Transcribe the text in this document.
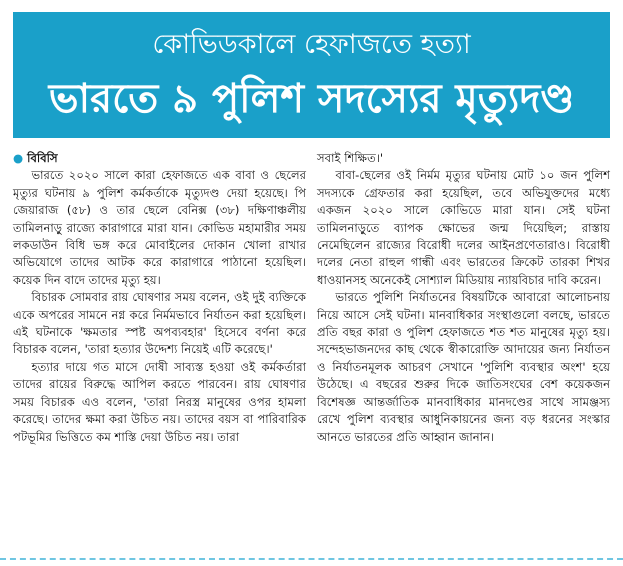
কোভিডকালে হেফাজতে হত্যা
ভারতে ৯ পুলিশ সদস্যের মৃত্যুদণ্ড
● বিবিসি

ভারতে ২০২০ সালে কারা হেফাজতে এক বাবা ও ছেলের মৃত্যুর ঘটনায় ৯ পুলিশ কর্মকর্তাকে মৃত্যুদণ্ড দেয়া হয়েছে। পি জেয়ারাজ (৫৮) ও তার ছেলে বেনিক্স (৩৮) দক্ষিণাঞ্চলীয় তামিলনাড়ু রাজ্যে কারাগারে মারা যান। কোভিড মহামারীর সময় লকডাউন বিধি ভঙ্গ করে মোবাইলের দোকান খোলা রাখার অভিযোগে তাদের আটক করে কারাগারে পাঠানো হয়েছিল। কয়েক দিন বাদে তাদের মৃত্যু হয়।

বিচারক সোমবার রায় ঘোষণার সময় বলেন, ওই দুই ব্যক্তিকে একে অপরের সামনে নগ্ন করে নির্মমভাবে নির্যাতন করা হয়েছিল। এই ঘটনাকে 'ক্ষমতার স্পষ্ট অপব্যবহার' হিসেবে বর্ণনা করে বিচারক বলেন, 'তারা হত্যার উদ্দেশ্য নিয়েই এটি করেছে।'

হত্যার দায়ে গত মাসে দোষী সাব্যস্ত হওয়া ওই কর্মকর্তারা তাদের রায়ের বিরুদ্ধে আপিল করতে পারবেন। রায় ঘোষণার সময় বিচারক এও বলেন, 'তারা নিরস্ত্র মানুষের ওপর হামলা করেছে। তাদের ক্ষমা করা উচিত নয়। তাদের বয়স বা পারিবারিক পটভূমির ভিত্তিতে কম শাস্তি দেয়া উচিত নয়। তারা

সবাই শিক্ষিত।'

বাবা-ছেলের ওই নির্মম মৃত্যুর ঘটনায় মোট ১০ জন পুলিশ সদস্যকে গ্রেফতার করা হয়েছিল, তবে অভিযুক্তদের মধ্যে একজন ২০২০ সালে কোভিডে মারা যান। সেই ঘটনা তামিলনাড়ুতে ব্যাপক ক্ষোভের জন্ম দিয়েছিল; রাস্তায় নেমেছিলেন রাজ্যের বিরোধী দলের আইনপ্রণেতারাও। বিরোধী দলের নেতা রাহুল গান্ধী এবং ভারতের ক্রিকেট তারকা শিখর ধাওয়ানসহ অনেকেই সোশ্যাল মিডিয়ায় ন্যায়বিচার দাবি করেন।

ভারতে পুলিশি নির্যাতনের বিষয়টিকে আবারো আলোচনায় নিয়ে আসে সেই ঘটনা। মানবাধিকার সংস্থাগুলো বলছে, ভারতে প্রতি বছর কারা ও পুলিশ হেফাজতে শত শত মানুষের মৃত্যু হয়। সন্দেহভাজনদের কাছ থেকে স্বীকারোক্তি আদায়ের জন্য নির্যাতন ও নির্যাতনমূলক আচরণ সেখানে 'পুলিশি ব্যবস্থার অংশ' হয়ে উঠেছে। এ বছরের শুরুর দিকে জাতিসংঘের বেশ কয়েকজন বিশেষজ্ঞ আন্তর্জাতিক মানবাধিকার মানদণ্ডের সাথে সামঞ্জস্য রেখে পুলিশ ব্যবস্থার আধুনিকায়নের জন্য বড় ধরনের সংস্কার আনতে ভারতের প্রতি আহ্বান জানান।
